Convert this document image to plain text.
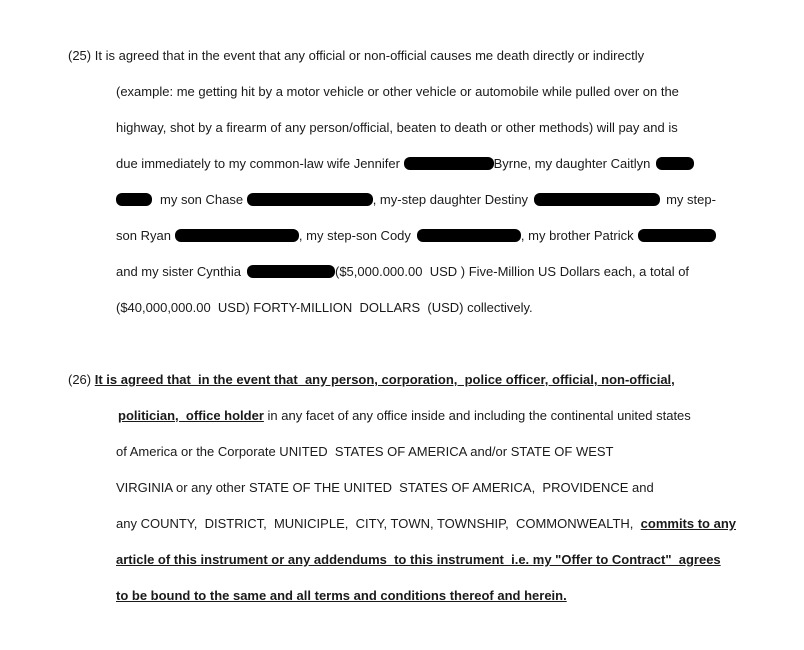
(25) It is agreed that in the event that any official or non-official causes me death directly or indirectly
(example: me getting hit by a motor vehicle or other vehicle or automobile while pulled over on the
highway, shot by a firearm of any person/official, beaten to death or other methods) will pay and is
due immediately to my common-law wife Jennifer	Byrne, my daughter Caitlyn
my son Chase	, my-step daughter Destiny	my step-
son Ryan	, my step-son Cody	, my brother Patrick
and my sister Cynthia	($5,000.000.00  USD ) Five-Million US Dollars each, a total of
($40,000,000.00  USD) FORTY-MILLION  DOLLARS  (USD) collectively.
(26) It is agreed that  in the event that  any person, corporation,  police officer, official, non-official,
politician,  office holder in any facet of any office inside and including the continental united states
of America or the Corporate UNITED  STATES OF AMERICA and/or STATE OF WEST
VIRGINIA or any other STATE OF THE UNITED  STATES OF AMERICA,  PROVIDENCE and
any COUNTY,  DISTRICT,  MUNICIPLE,  CITY, TOWN, TOWNSHIP,  COMMONWEALTH,  commits to any
article of this instrument or any addendums  to this instrument  i.e. my "Offer to Contract"  agrees
to be bound to the same and all terms and conditions thereof and herein.
